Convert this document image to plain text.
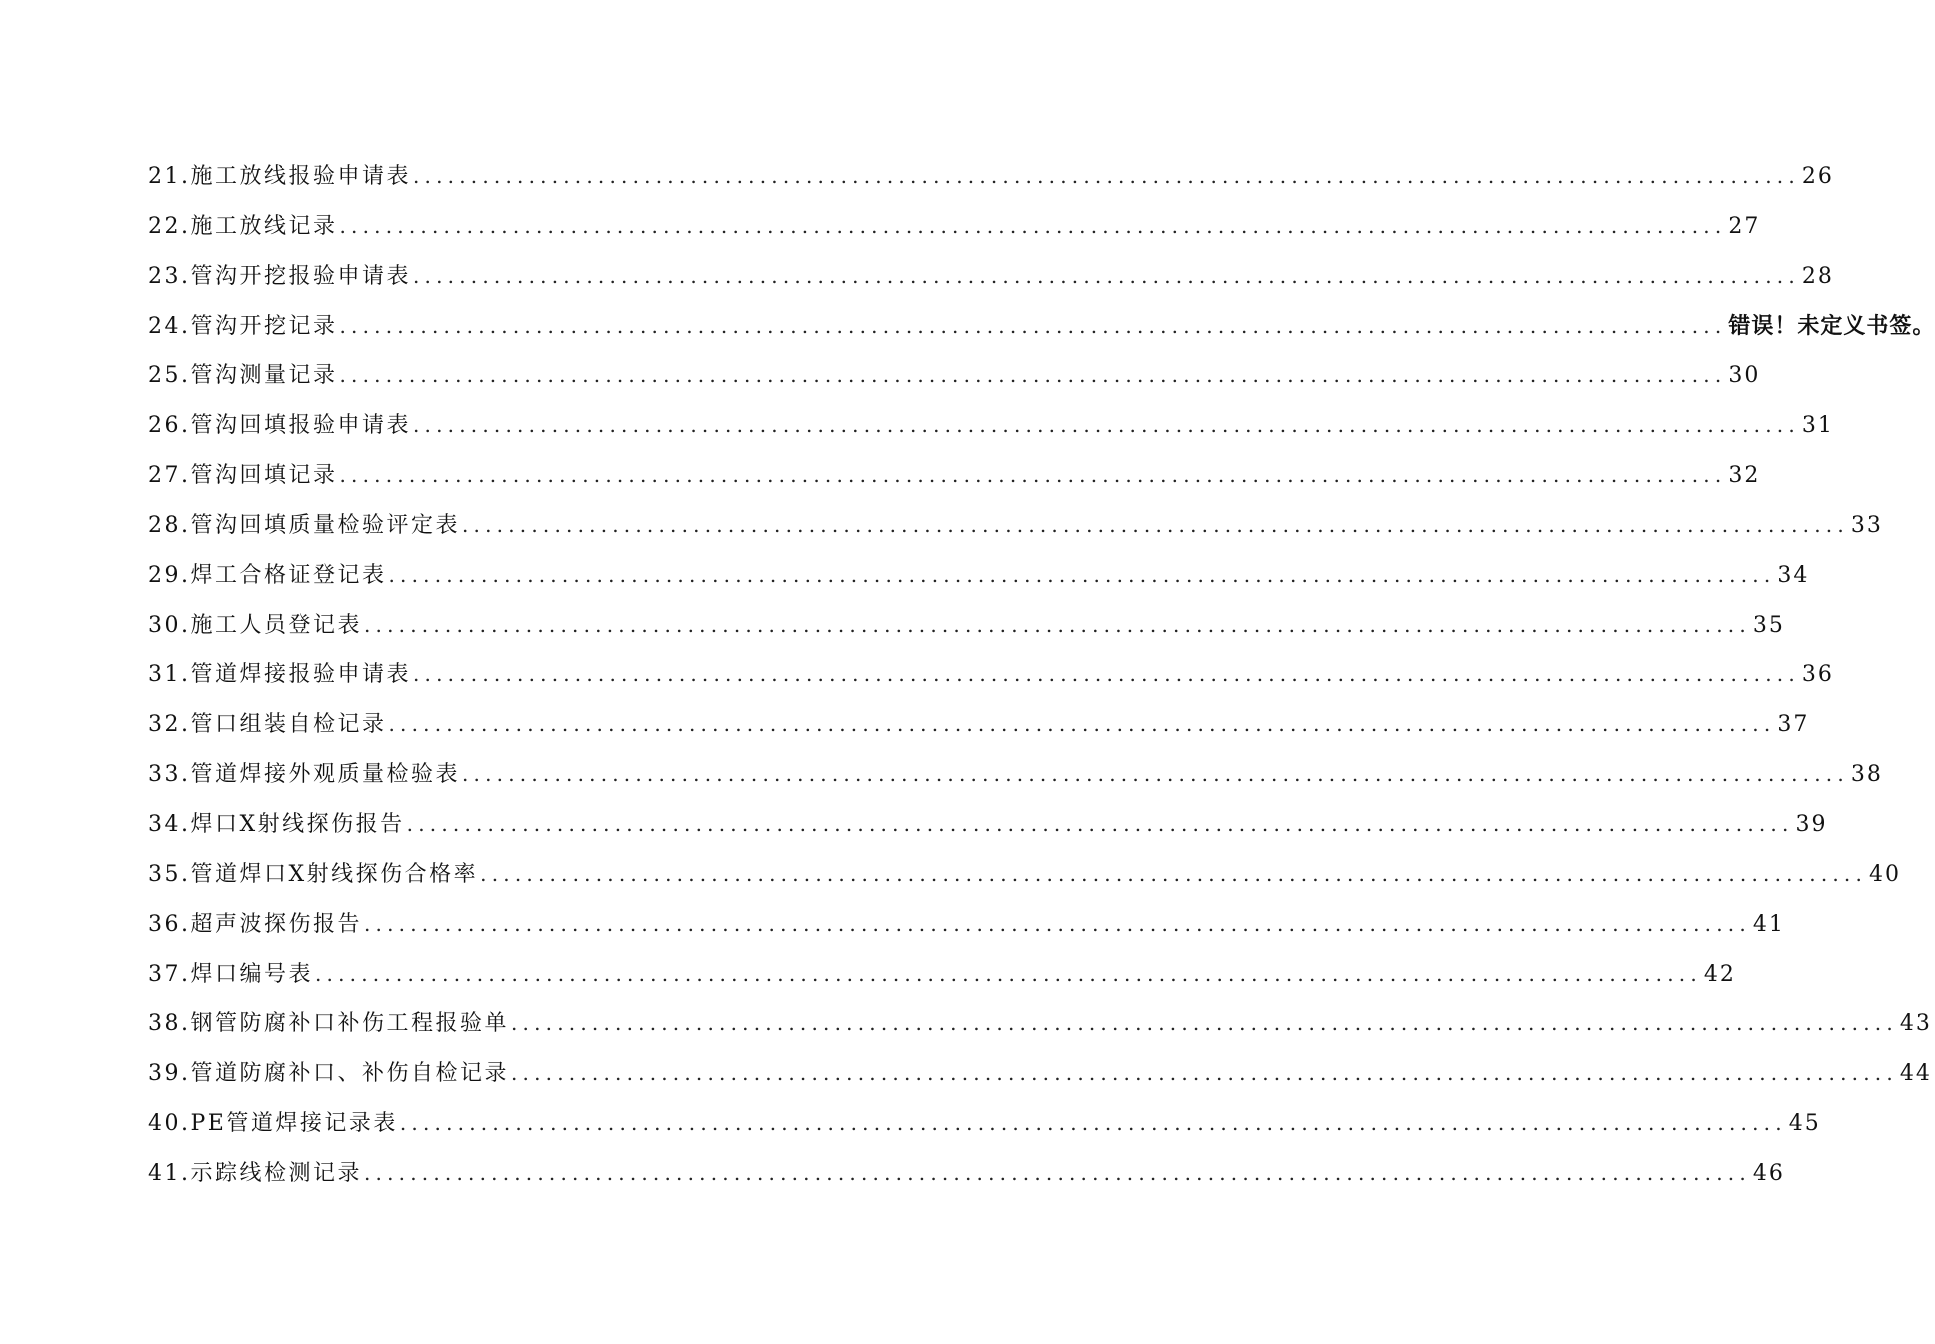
21.施工放线报验申请表 ........................................................................................................................ 26
22.施工放线记录 ........................................................................................................................ 27
23.管沟开挖报验申请表 ........................................................................................................................ 28
24.管沟开挖记录 ........................................................................................................................ 错误！未定义书签。
25.管沟测量记录 ........................................................................................................................ 30
26.管沟回填报验申请表 ........................................................................................................................ 31
27.管沟回填记录 ........................................................................................................................ 32
28.管沟回填质量检验评定表 ........................................................................................................................ 33
29.焊工合格证登记表 ........................................................................................................................ 34
30.施工人员登记表 ........................................................................................................................ 35
31.管道焊接报验申请表 ........................................................................................................................ 36
32.管口组装自检记录 ........................................................................................................................ 37
33.管道焊接外观质量检验表 ........................................................................................................................ 38
34.焊口X射线探伤报告 ........................................................................................................................ 39
35.管道焊口X射线探伤合格率 ........................................................................................................................ 40
36.超声波探伤报告 ........................................................................................................................ 41
37.焊口编号表 ........................................................................................................................ 42
38.钢管防腐补口补伤工程报验单 ........................................................................................................................ 43
39.管道防腐补口、补伤自检记录 ........................................................................................................................ 44
40.PE管道焊接记录表 ........................................................................................................................ 45
41.示踪线检测记录 ........................................................................................................................ 46
